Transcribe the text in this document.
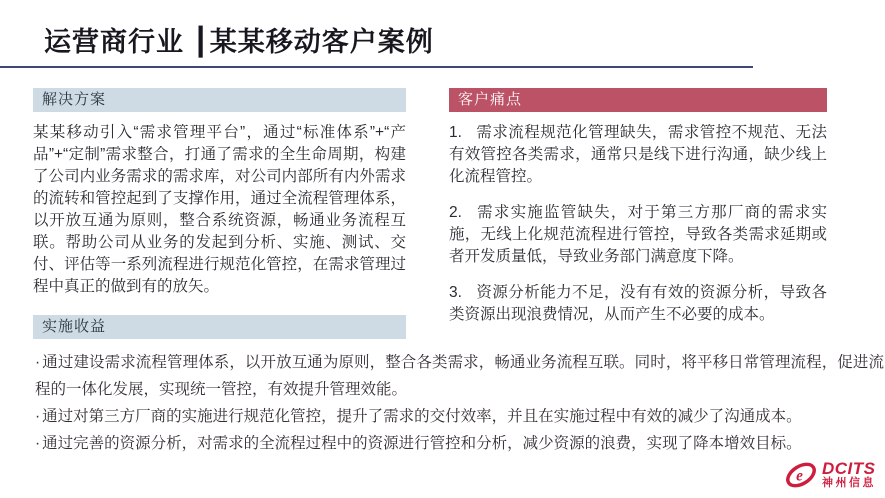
运营商行业 ┃某某移动客户案例
解决方案
某某移动引入“需求管理平台”，通过“标准体系”+“产品”+“定制”需求整合，打通了需求的全生命周期，构建了公司内业务需求的需求库，对公司内部所有内外需求的流转和管控起到了支撑作用，通过全流程管理体系，以开放互通为原则，整合系统资源，畅通业务流程互联。帮助公司从业务的发起到分析、实施、测试、交付、评估等一系列流程进行规范化管控，在需求管理过程中真正的做到有的放矢。
客户痛点

1. 需求流程规范化管理缺失，需求管控不规范、无法有效管控各类需求，通常只是线下进行沟通，缺少线上化流程管控。

2. 需求实施监管缺失，对于第三方那厂商的需求实施，无线上化规范流程进行管控，导致各类需求延期或者开发质量低，导致业务部门满意度下降。

3. 资源分析能力不足，没有有效的资源分析，导致各类资源出现浪费情况，从而产生不必要的成本。

实施收益

· 通过建设需求流程管理体系，以开放互通为原则，整合各类需求，畅通业务流程互联。同时，将平移日常管理流程，促进流程的一体化发展，实现统一管控，有效提升管理效能。

· 通过对第三方厂商的实施进行规范化管控，提升了需求的交付效率，并且在实施过程中有效的减少了沟通成本。

· 通过完善的资源分析，对需求的全流程过程中的资源进行管控和分析，减少资源的浪费，实现了降本增效目标。

e DCITS
神州信息
